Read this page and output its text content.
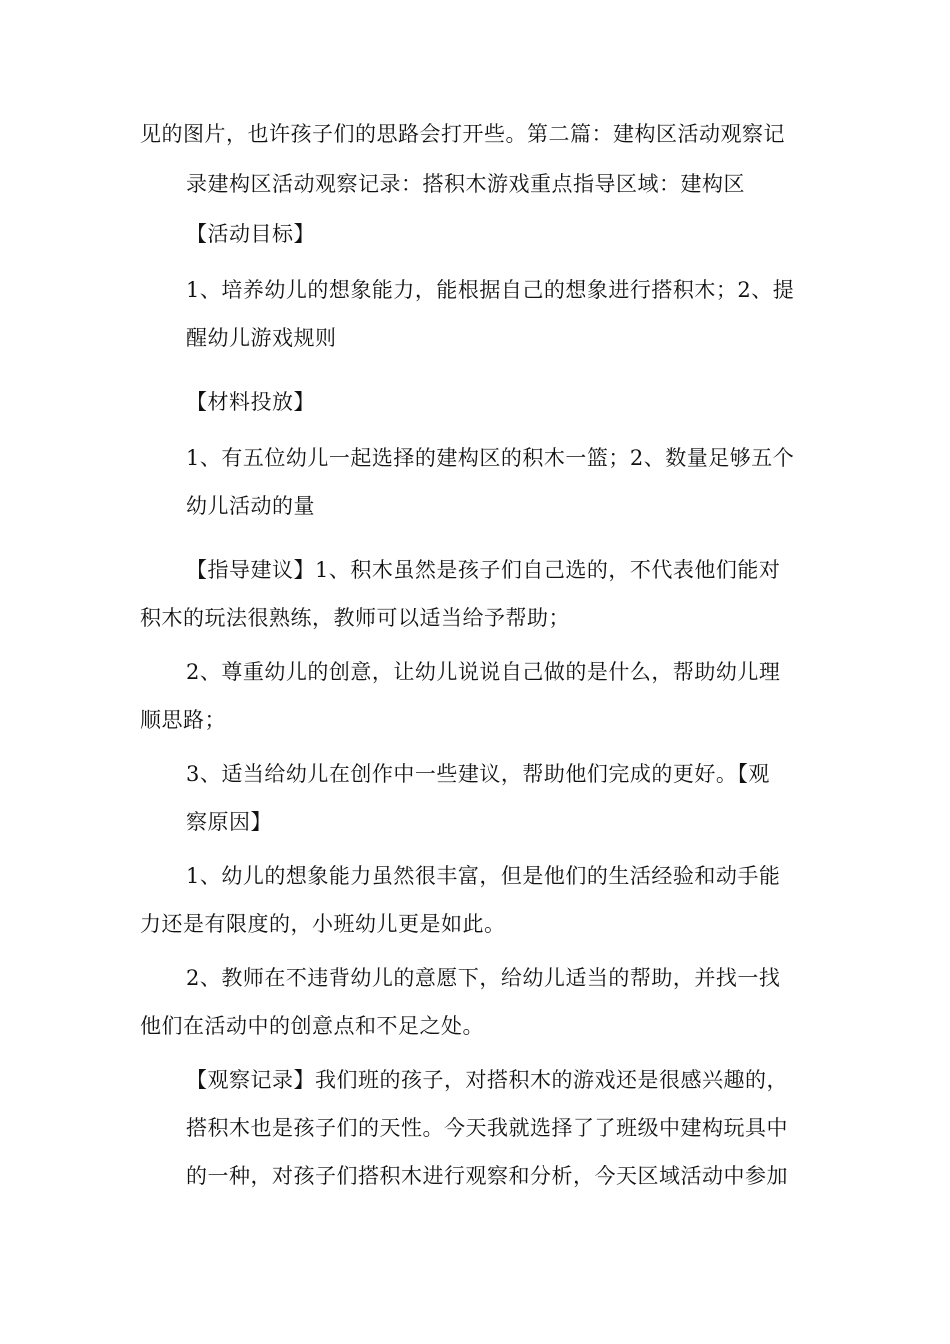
见的图片，也许孩子们的思路会打开些。第二篇：建构区活动观察记
录建构区活动观察记录：搭积木游戏重点指导区域：建构区
【活动目标】
1、培养幼儿的想象能力，能根据自己的想象进行搭积木；2、提
醒幼儿游戏规则
【材料投放】
1、有五位幼儿一起选择的建构区的积木一篮；2、数量足够五个
幼儿活动的量
【指导建议】1、积木虽然是孩子们自己选的，不代表他们能对
积木的玩法很熟练，教师可以适当给予帮助；
2、尊重幼儿的创意，让幼儿说说自己做的是什么，帮助幼儿理
顺思路；
3、适当给幼儿在创作中一些建议，帮助他们完成的更好。【观
察原因】
1、幼儿的想象能力虽然很丰富，但是他们的生活经验和动手能
力还是有限度的，小班幼儿更是如此。
2、教师在不违背幼儿的意愿下，给幼儿适当的帮助，并找一找
他们在活动中的创意点和不足之处。
【观察记录】我们班的孩子，对搭积木的游戏还是很感兴趣的，
搭积木也是孩子们的天性。今天我就选择了了班级中建构玩具中
的一种，对孩子们搭积木进行观察和分析，今天区域活动中参加
